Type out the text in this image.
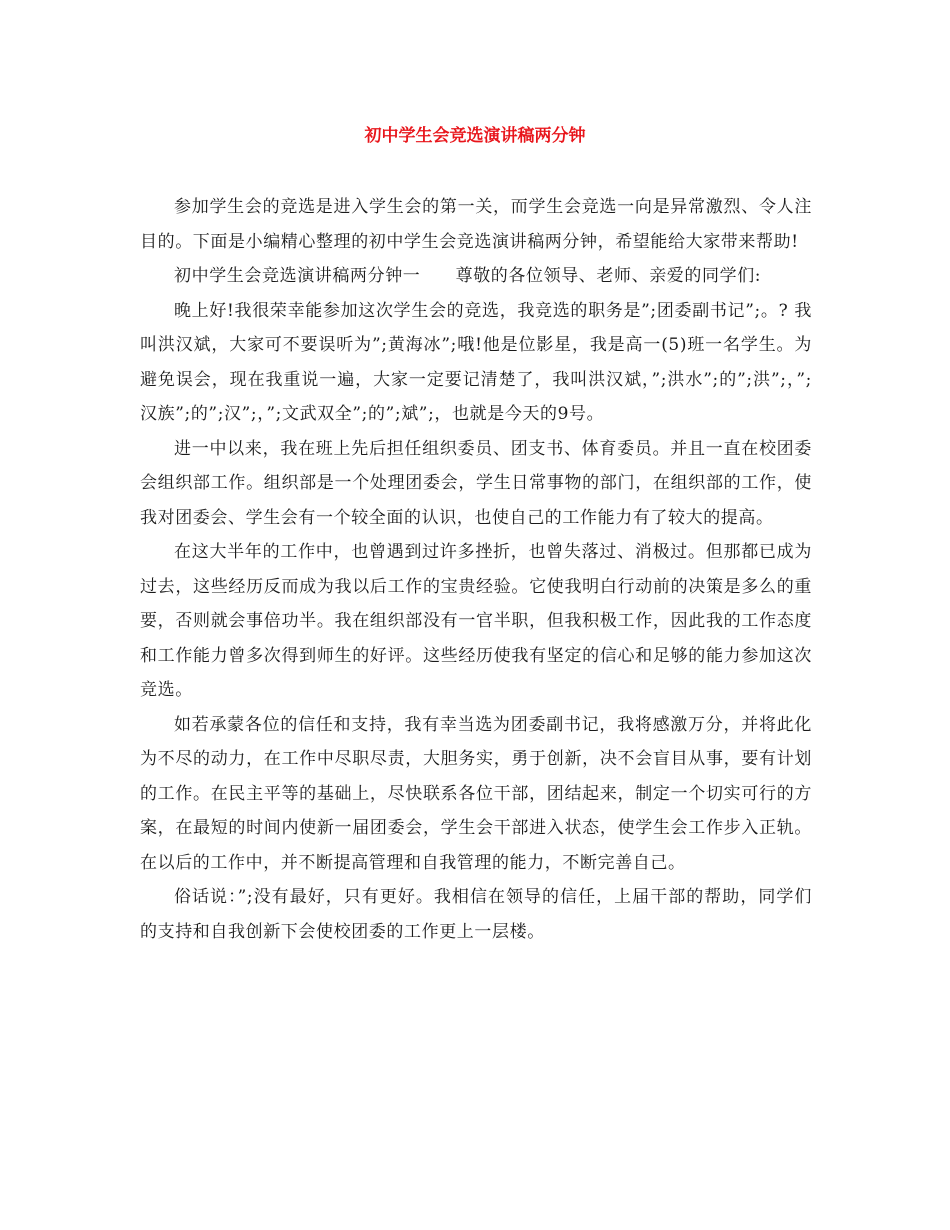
初中学生会竞选演讲稿两分钟

参加学生会的竞选是进入学生会的第一关，而学生会竞选一向是异常激烈、令人注目的。下面是小编精心整理的初中学生会竞选演讲稿两分钟，希望能给大家带来帮助!

初中学生会竞选演讲稿两分钟一　　尊敬的各位领导、老师、亲爱的同学们:

晚上好!我很荣幸能参加这次学生会的竞选，我竞选的职务是”;团委副书记”;。? 我叫洪汉斌，大家可不要误听为”;黄海冰”;哦!他是位影星，我是高一(5)班一名学生。为避免误会，现在我重说一遍，大家一定要记清楚了，我叫洪汉斌，”;洪水”;的”;洪”;，”;汉族”;的”;汉”;，”;文武双全”;的”;斌”;，也就是今天的9号。

进一中以来，我在班上先后担任组织委员、团支书、体育委员。并且一直在校团委会组织部工作。组织部是一个处理团委会，学生日常事物的部门，在组织部的工作，使我对团委会、学生会有一个较全面的认识，也使自己的工作能力有了较大的提高。

在这大半年的工作中，也曾遇到过许多挫折，也曾失落过、消极过。但那都已成为过去，这些经历反而成为我以后工作的宝贵经验。它使我明白行动前的决策是多么的重要，否则就会事倍功半。我在组织部没有一官半职，但我积极工作，因此我的工作态度和工作能力曾多次得到师生的好评。这些经历使我有坚定的信心和足够的能力参加这次竞选。

如若承蒙各位的信任和支持，我有幸当选为团委副书记，我将感激万分，并将此化为不尽的动力，在工作中尽职尽责，大胆务实，勇于创新，决不会盲目从事，要有计划的工作。在民主平等的基础上，尽快联系各位干部，团结起来，制定一个切实可行的方案，在最短的时间内使新一届团委会，学生会干部进入状态，使学生会工作步入正轨。在以后的工作中，并不断提高管理和自我管理的能力，不断完善自己。

俗话说：”;没有最好，只有更好。我相信在领导的信任，上届干部的帮助，同学们的支持和自我创新下会使校团委的工作更上一层楼。
